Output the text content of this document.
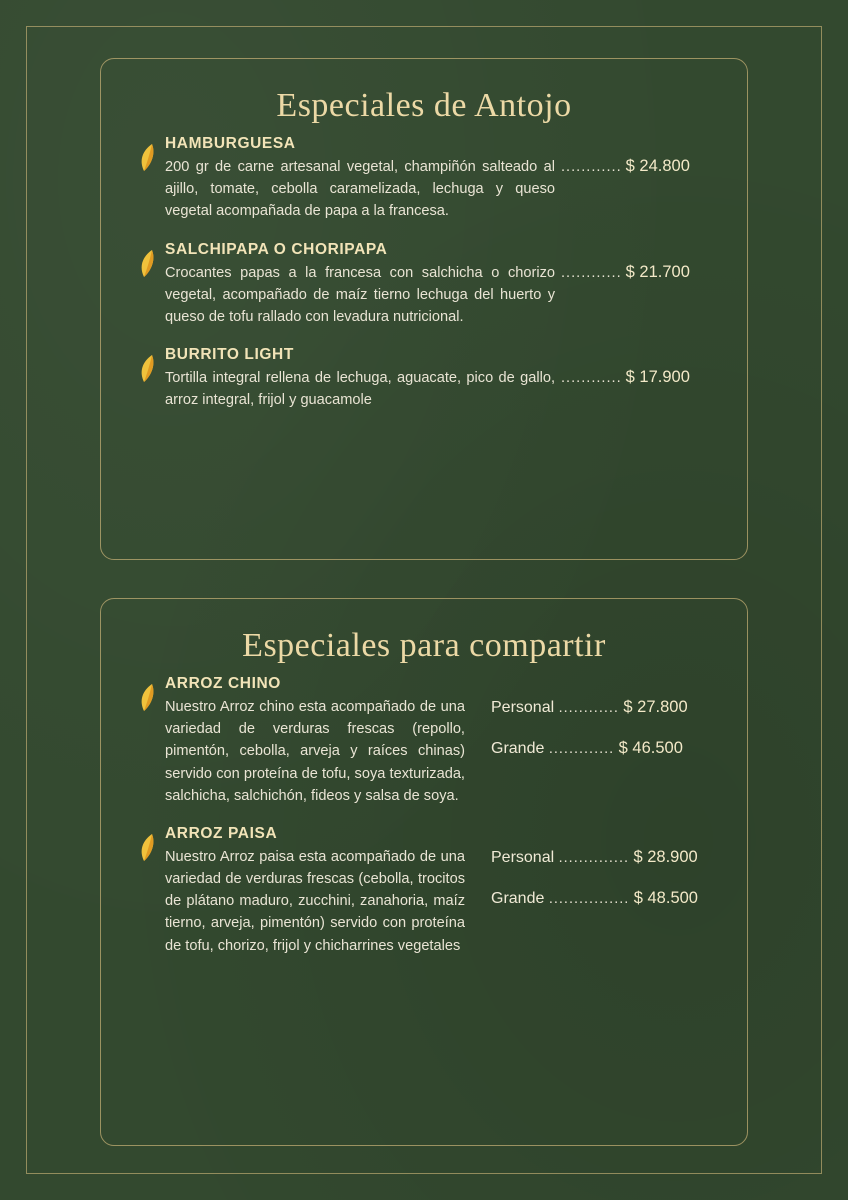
Especiales de Antojo
HAMBURGUESA
200 gr de carne artesanal vegetal, champiñón salteado al ajillo, tomate, cebolla caramelizada, lechuga y queso vegetal acompañada de papa a la francesa.
............ $ 24.800
SALCHIPAPA O CHORIPAPA
Crocantes papas a la francesa con salchicha o chorizo vegetal, acompañado de maíz tierno lechuga del huerto y queso de tofu rallado con levadura nutricional.
............ $ 21.700
BURRITO LIGHT
Tortilla integral rellena de lechuga, aguacate, pico de gallo, arroz integral, frijol y guacamole
............ $ 17.900
Especiales para compartir
ARROZ CHINO
Nuestro Arroz chino esta acompañado de una variedad de verduras frescas (repollo, pimentón, cebolla, arveja y raíces chinas) servido con proteína de tofu, soya texturizada, salchicha, salchichón, fideos y salsa de soya.
Personal ............ $ 27.800
Grande ............. $ 46.500
ARROZ PAISA
Nuestro Arroz paisa esta acompañado de una variedad de verduras frescas (cebolla, trocitos de plátano maduro, zucchini, zanahoria, maíz tierno, arveja, pimentón) servido con proteína de tofu, chorizo, frijol y chicharrines vegetales
Personal .............. $ 28.900
Grande ................ $ 48.500
